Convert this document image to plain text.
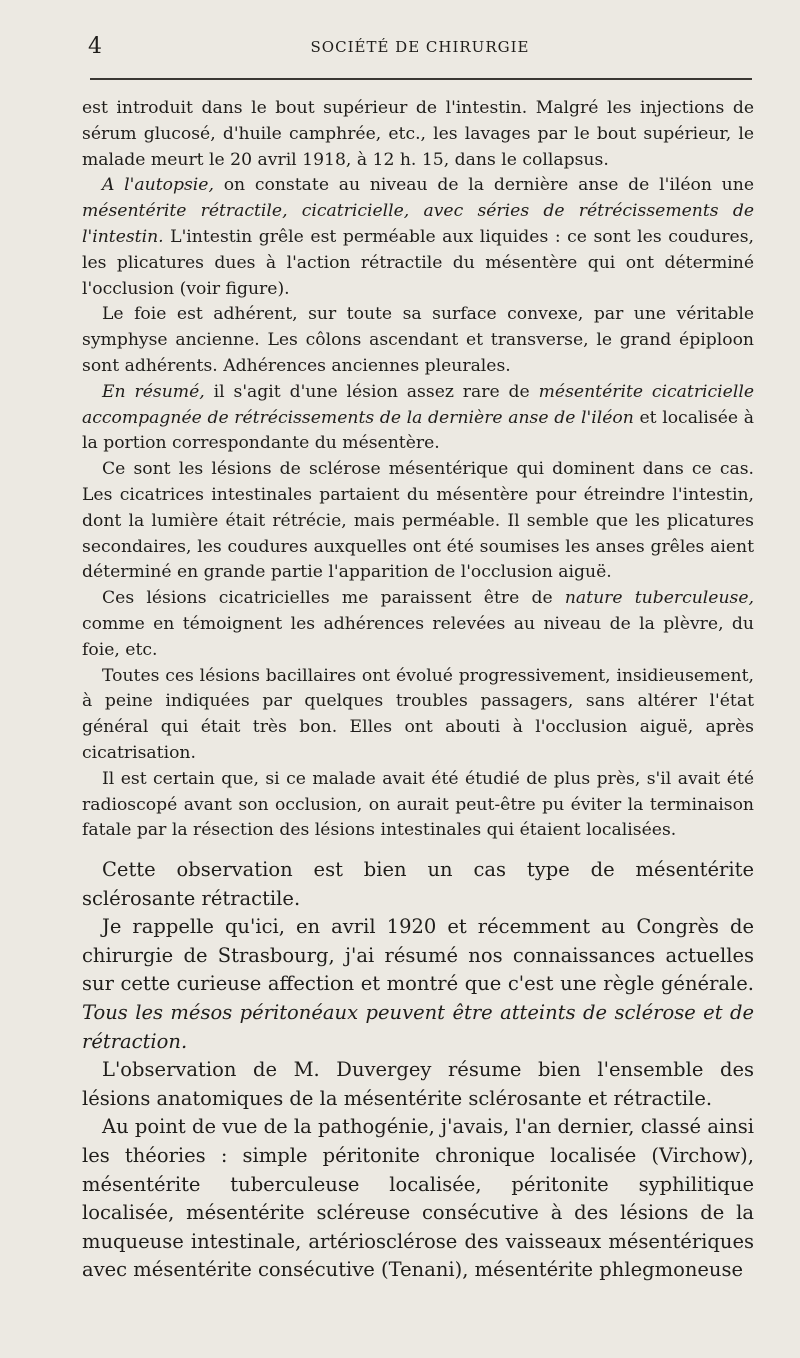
4	SOCIÉTÉ DE CHIRURGIE

est introduit dans le bout supérieur de l'intestin. Malgré les injections de sérum glucosé, d'huile camphrée, etc., les lavages par le bout supérieur, le malade meurt le 20 avril 1918, à 12 h. 15, dans le collapsus.

A l'autopsie, on constate au niveau de la dernière anse de l'iléon une mésentérite rétractile, cicatricielle, avec séries de rétrécissements de l'intestin. L'intestin grêle est perméable aux liquides : ce sont les coudures, les plicatures dues à l'action rétractile du mésentère qui ont déterminé l'occlusion (voir figure).

Le foie est adhérent, sur toute sa surface convexe, par une véritable symphyse ancienne. Les côlons ascendant et transverse, le grand épiploon sont adhérents. Adhérences anciennes pleurales.

En résumé, il s'agit d'une lésion assez rare de mésentérite cicatricielle accompagnée de rétrécissements de la dernière anse de l'iléon et localisée à la portion correspondante du mésentère.

Ce sont les lésions de sclérose mésentérique qui dominent dans ce cas. Les cicatrices intestinales partaient du mésentère pour étreindre l'intestin, dont la lumière était rétrécie, mais perméable. Il semble que les plicatures secondaires, les coudures auxquelles ont été soumises les anses grêles aient déterminé en grande partie l'apparition de l'occlusion aiguë.

Ces lésions cicatricielles me paraissent être de nature tuberculeuse, comme en témoignent les adhérences relevées au niveau de la plèvre, du foie, etc.

Toutes ces lésions bacillaires ont évolué progressivement, insidieusement, à peine indiquées par quelques troubles passagers, sans altérer l'état général qui était très bon. Elles ont abouti à l'occlusion aiguë, après cicatrisation.

Il est certain que, si ce malade avait été étudié de plus près, s'il avait été radioscopé avant son occlusion, on aurait peut-être pu éviter la terminaison fatale par la résection des lésions intestinales qui étaient localisées.

Cette observation est bien un cas type de mésentérite sclérosante rétractile.

Je rappelle qu'ici, en avril 1920 et récemment au Congrès de chirurgie de Strasbourg, j'ai résumé nos connaissances actuelles sur cette curieuse affection et montré que c'est une règle générale. Tous les mésos péritonéaux peuvent être atteints de sclérose et de rétraction.

L'observation de M. Duvergey résume bien l'ensemble des lésions anatomiques de la mésentérite sclérosante et rétractile.

Au point de vue de la pathogénie, j'avais, l'an dernier, classé ainsi les théories : simple péritonite chronique localisée (Virchow), mésentérite tuberculeuse localisée, péritonite syphilitique localisée, mésentérite scléreuse consécutive à des lésions de la muqueuse intestinale, artériosclérose des vaisseaux mésentériques avec mésentérite consécutive (Tenani), mésentérite phlegmoneuse
